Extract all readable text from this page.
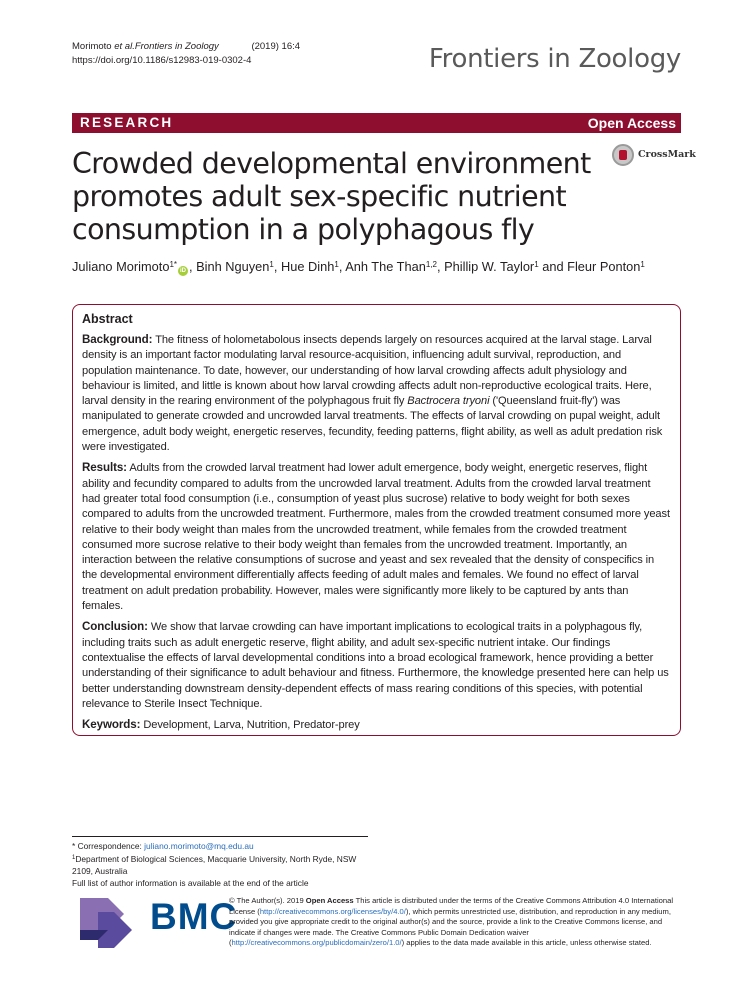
Morimoto et al.Frontiers in Zoology	(2019) 16:4
https://doi.org/10.1186/s12983-019-0302-4	Frontiers in Zoology
RESEARCH	Open Access
CrossMark
Crowded developmental environment promotes adult sex-specific nutrient consumption in a polyphagous fly
Juliano Morimoto$^{1*}$iD , Binh Nguyen$^1$, Hue Dinh$^1$, Anh The Than$^{1,2}$, Phillip W. Taylor$^1$ and Fleur Ponton$^1$
Abstract

Background: The fitness of holometabolous insects depends largely on resources acquired at the larval stage. Larval density is an important factor modulating larval resource-acquisition, influencing adult survival, reproduction, and population maintenance. To date, however, our understanding of how larval crowding affects adult physiology and behaviour is limited, and little is known about how larval crowding affects adult non-reproductive ecological traits. Here, larval density in the rearing environment of the polyphagous fruit fly Bactrocera tryoni ('Queensland fruit-fly') was manipulated to generate crowded and uncrowded larval treatments. The effects of larval crowding on pupal weight, adult emergence, adult body weight, energetic reserves, fecundity, feeding patterns, flight ability, as well as adult predation risk were investigated.

Results: Adults from the crowded larval treatment had lower adult emergence, body weight, energetic reserves, flight ability and fecundity compared to adults from the uncrowded larval treatment. Adults from the crowded larval treatment had greater total food consumption (i.e., consumption of yeast plus sucrose) relative to body weight for both sexes compared to adults from the uncrowded treatment. Furthermore, males from the crowded treatment consumed more yeast relative to their body weight than males from the uncrowded treatment, while females from the crowded treatment consumed more sucrose relative to their body weight than females from the uncrowded treatment. Importantly, an interaction between the relative consumptions of sucrose and yeast and sex revealed that the density of conspecifics in the developmental environment differentially affects feeding of adult males and females. We found no effect of larval treatment on adult predation probability. However, males were significantly more likely to be captured by ants than females.

Conclusion: We show that larvae crowding can have important implications to ecological traits in a polyphagous fly, including traits such as adult energetic reserve, flight ability, and adult sex-specific nutrient intake. Our findings contextualise the effects of larval developmental conditions into a broad ecological framework, hence providing a better understanding of their significance to adult behaviour and fitness. Furthermore, the knowledge presented here can help us better understanding downstream density-dependent effects of mass rearing conditions of this species, with potential relevance to Sterile Insect Technique.

Keywords: Development, Larva, Nutrition, Predator-prey

* Correspondence: juliano.morimoto@mq.edu.au
$^1$Department of Biological Sciences, Macquarie University, North Ryde, NSW 2109, Australia
Full list of author information is available at the end of the article
BMC
© The Author(s). 2019 Open Access This article is distributed under the terms of the Creative Commons Attribution 4.0 International License (http://creativecommons.org/licenses/by/4.0/), which permits unrestricted use, distribution, and reproduction in any medium, provided you give appropriate credit to the original author(s) and the source, provide a link to the Creative Commons license, and indicate if changes were made. The Creative Commons Public Domain Dedication waiver (http://creativecommons.org/publicdomain/zero/1.0/) applies to the data made available in this article, unless otherwise stated.
